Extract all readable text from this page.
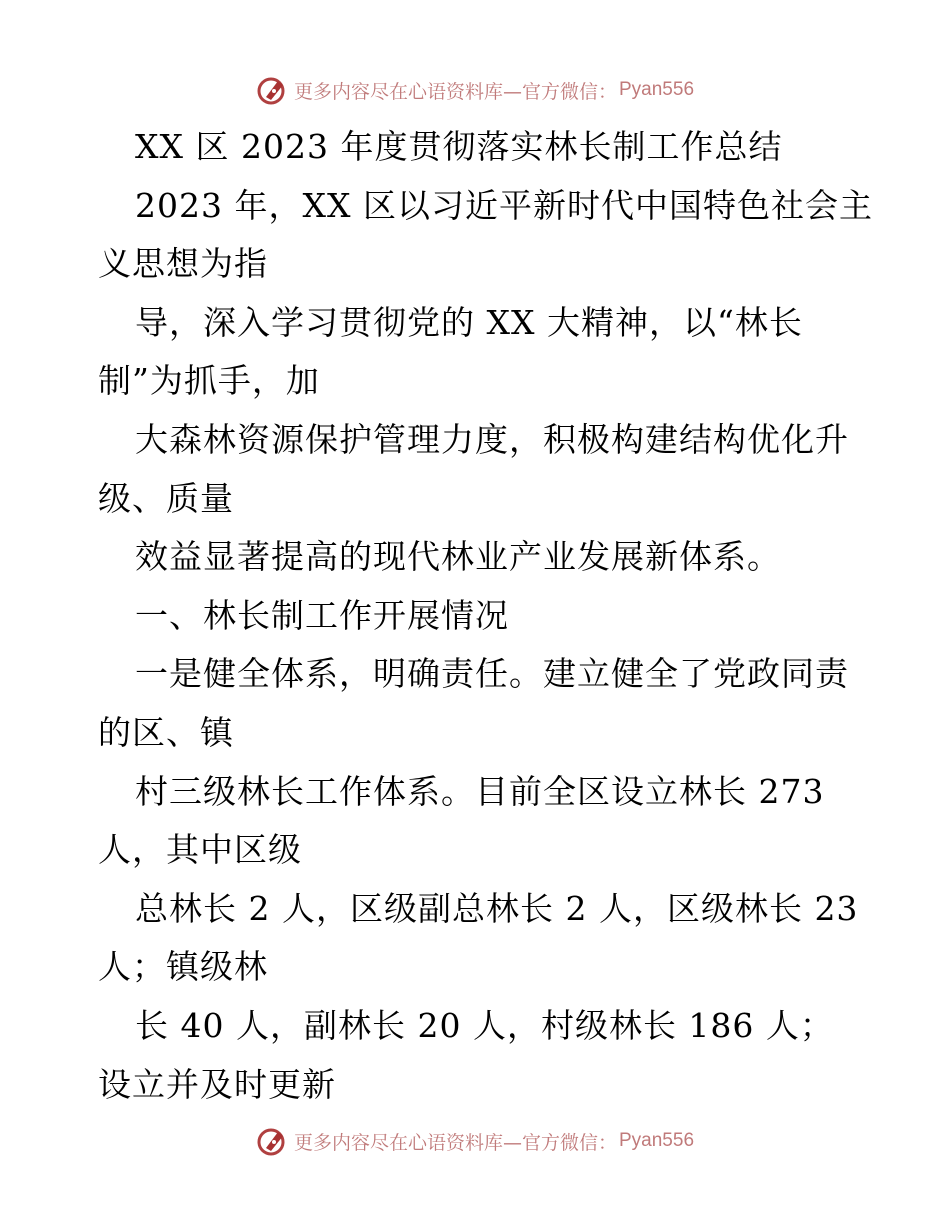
更多内容尽在心语资料库—官方微信： Pyan556
XX 区 2023 年度贯彻落实林长制工作总结
2023 年，XX 区以习近平新时代中国特色社会主
义思想为指
导，深入学习贯彻党的 XX 大精神，以“林长
制”为抓手，加
大森林资源保护管理力度，积极构建结构优化升
级、质量
效益显著提高的现代林业产业发展新体系。
一、林长制工作开展情况
一是健全体系，明确责任。建立健全了党政同责
的区、镇
村三级林长工作体系。目前全区设立林长 273
人，其中区级
总林长 2 人，区级副总林长 2 人，区级林长 23
人；镇级林
长 40 人，副林长 20 人，村级林长 186 人；
设立并及时更新
更多内容尽在心语资料库—官方微信： Pyan556
